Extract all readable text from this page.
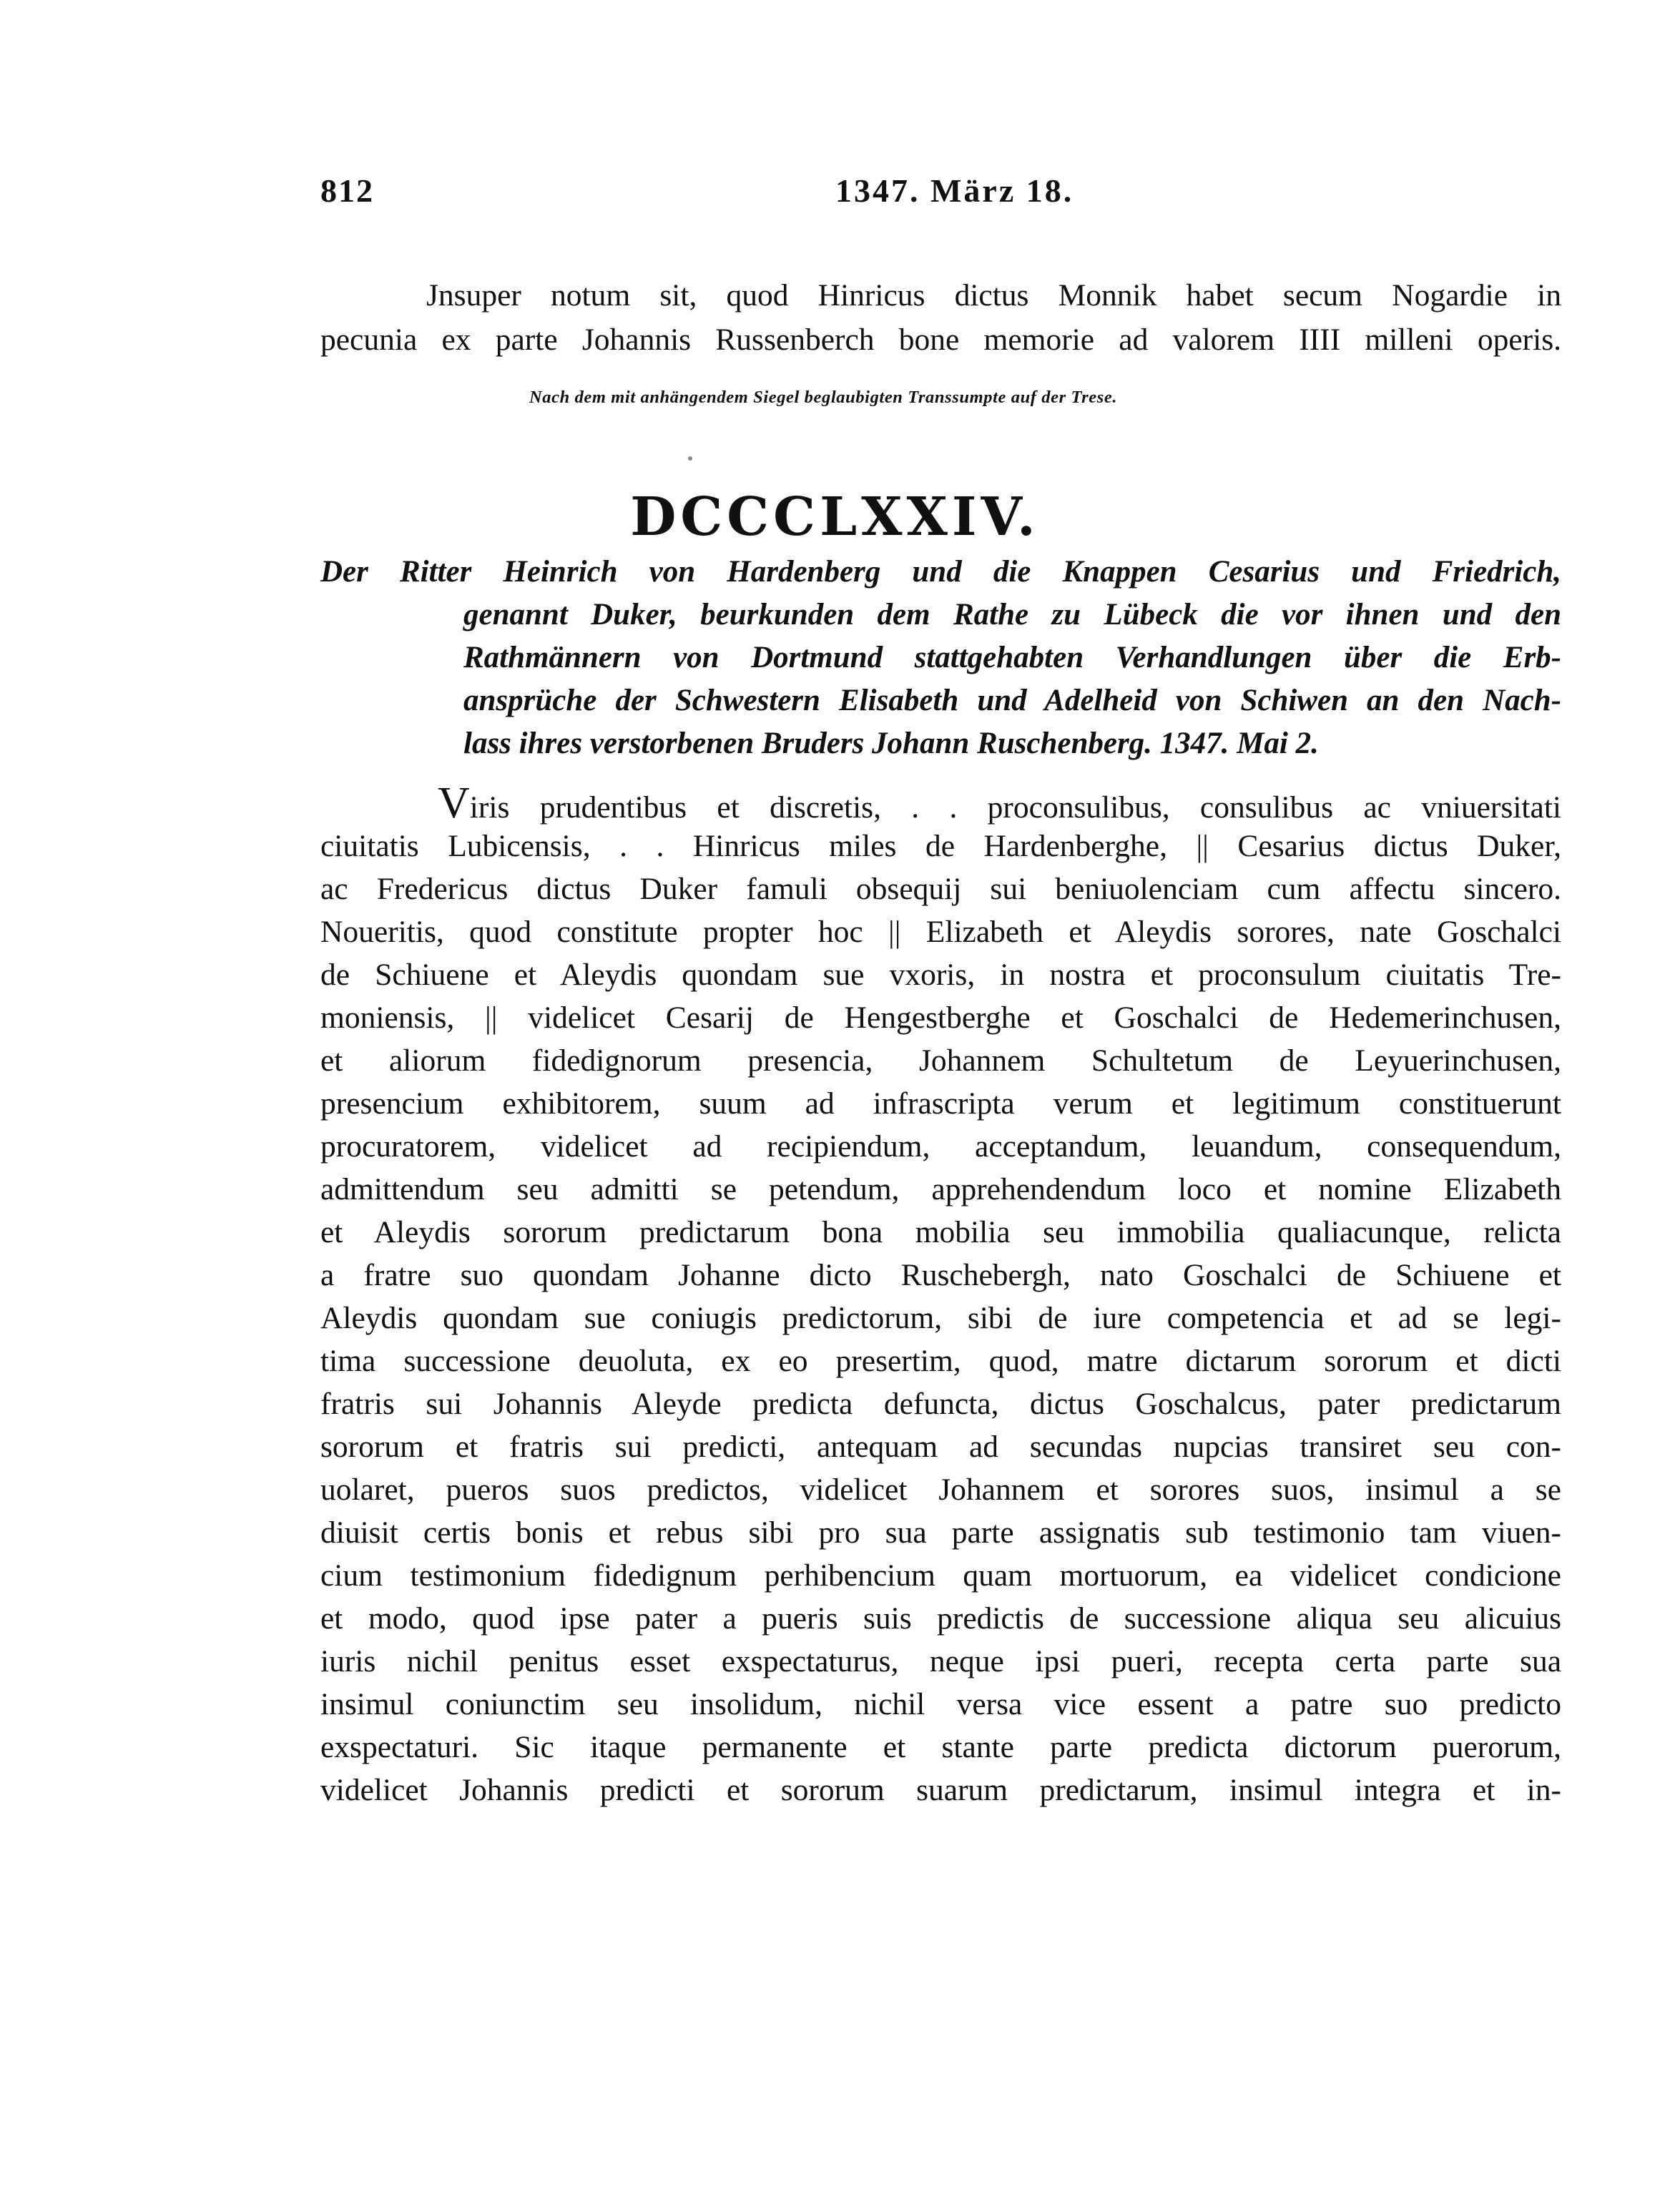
812	1347. März 18.
Jnsuper notum sit, quod Hinricus dictus Monnik habet secum Nogardie in
pecunia ex parte Johannis Russenberch bone memorie ad valorem IIII milleni operis.
Nach dem mit anhängendem Siegel beglaubigten Transsumpte auf der Trese.
DCCCLXXIV.
Der Ritter Heinrich von Hardenberg und die Knappen Cesarius und Friedrich,
genannt Duker, beurkunden dem Rathe zu Lübeck die vor ihnen und den
Rathmännern von Dortmund stattgehabten Verhandlungen über die Erb-
ansprüche der Schwestern Elisabeth und Adelheid von Schiwen an den Nach-
lass ihres verstorbenen Bruders Johann Ruschenberg. 1347. Mai 2.
Viris prudentibus et discretis, . . proconsulibus, consulibus ac vniuersitati
ciuitatis Lubicensis, . . Hinricus miles de Hardenberghe, || Cesarius dictus Duker,
ac Fredericus dictus Duker famuli obsequij sui beniuolenciam cum affectu sincero.
Noueritis, quod constitute propter hoc || Elizabeth et Aleydis sorores, nate Goschalci
de Schiuene et Aleydis quondam sue vxoris, in nostra et proconsulum ciuitatis Tre-
moniensis, || videlicet Cesarij de Hengestberghe et Goschalci de Hedemerinchusen,
et aliorum fidedignorum presencia, Johannem Schultetum de Leyuerinchusen,
presencium exhibitorem, suum ad infrascripta verum et legitimum constituerunt
procuratorem, videlicet ad recipiendum, acceptandum, leuandum, consequendum,
admittendum seu admitti se petendum, apprehendendum loco et nomine Elizabeth
et Aleydis sororum predictarum bona mobilia seu immobilia qualiacunque, relicta
a fratre suo quondam Johanne dicto Ruschebergh, nato Goschalci de Schiuene et
Aleydis quondam sue coniugis predictorum, sibi de iure competencia et ad se legi-
tima successione deuoluta, ex eo presertim, quod, matre dictarum sororum et dicti
fratris sui Johannis Aleyde predicta defuncta, dictus Goschalcus, pater predictarum
sororum et fratris sui predicti, antequam ad secundas nupcias transiret seu con-
uolaret, pueros suos predictos, videlicet Johannem et sorores suos, insimul a se
diuisit certis bonis et rebus sibi pro sua parte assignatis sub testimonio tam viuen-
cium testimonium fidedignum perhibencium quam mortuorum, ea videlicet condicione
et modo, quod ipse pater a pueris suis predictis de successione aliqua seu alicuius
iuris nichil penitus esset exspectaturus, neque ipsi pueri, recepta certa parte sua
insimul coniunctim seu insolidum, nichil versa vice essent a patre suo predicto
exspectaturi. Sic itaque permanente et stante parte predicta dictorum puerorum,
videlicet Johannis predicti et sororum suarum predictarum, insimul integra et in-
